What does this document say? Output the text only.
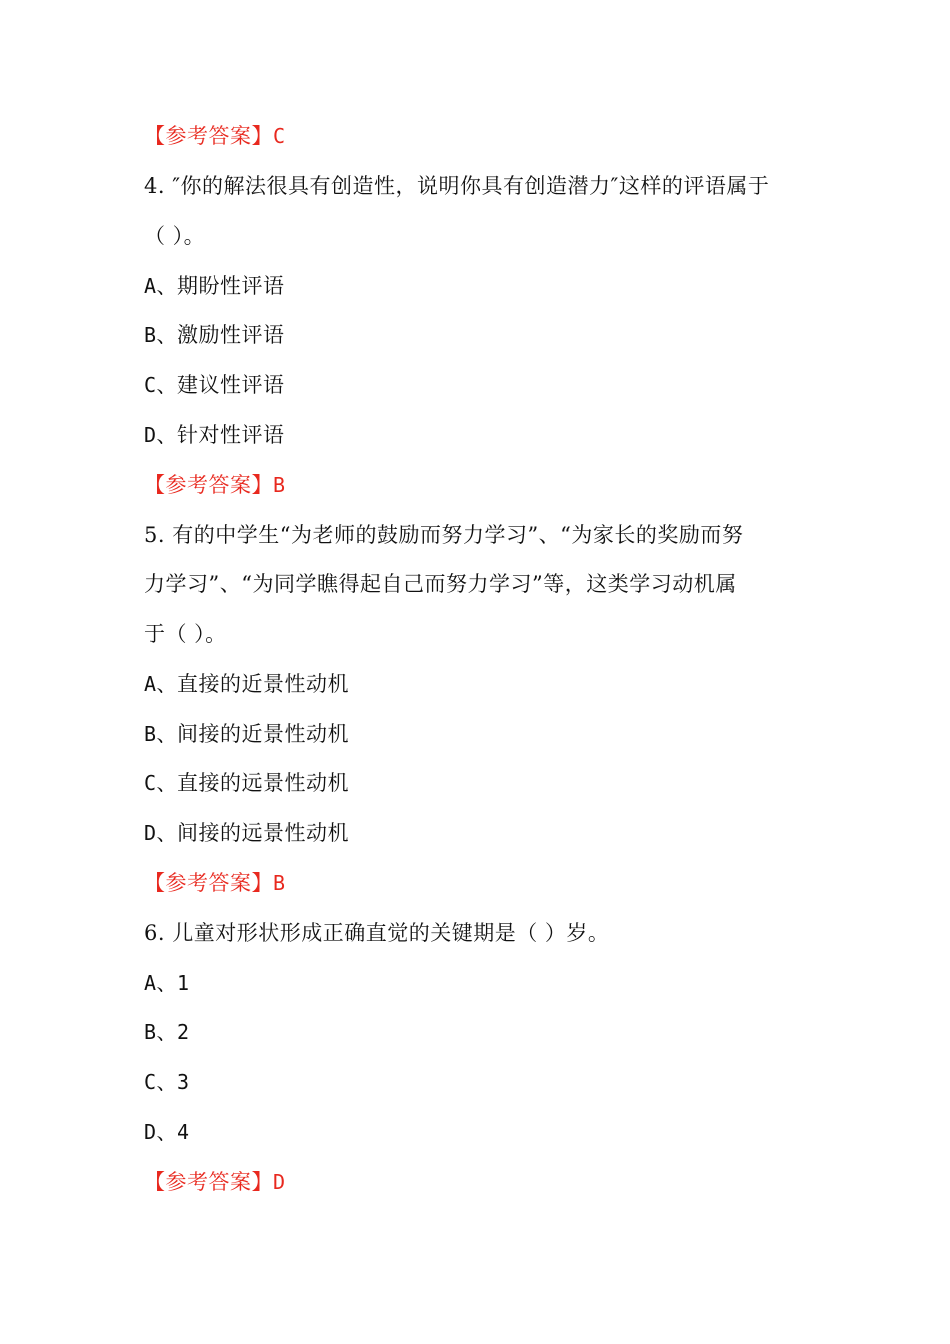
【参考答案】C
4. ″你的解法很具有创造性，说明你具有创造潜力″这样的评语属于
（ ）。
A、期盼性评语
B、激励性评语
C、建议性评语
D、针对性评语
【参考答案】B
5. 有的中学生“为老师的鼓励而努力学习”、“为家长的奖励而努
力学习”、“为同学瞧得起自己而努力学习”等，这类学习动机属
于（ ）。
A、直接的近景性动机
B、间接的近景性动机
C、直接的远景性动机
D、间接的远景性动机
【参考答案】B
6. 儿童对形状形成正确直觉的关键期是（ ）岁。
A、1
B、2
C、3
D、4
【参考答案】D
